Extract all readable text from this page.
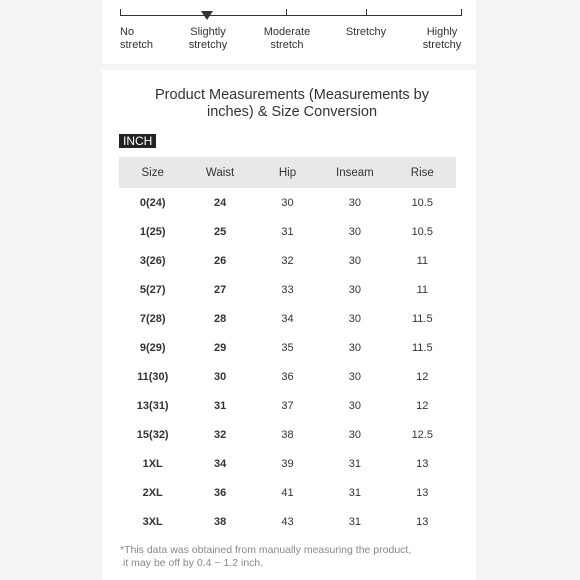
No
stretch
Slightly
stretchy
Moderate
stretch
Stretchy	Highly
stretchy
Product Measurements (Measurements by inches) & Size Conversion
INCH
Size	Waist	Hip	Inseam	Rise
0(24)	24	30	30	10.5
1(25)	25	31	30	10.5
3(26)	26	32	30	11
5(27)	27	33	30	11
7(28)	28	34	30	11.5
9(29)	29	35	30	11.5
11(30)	30	36	30	12
13(31)	31	37	30	12
15(32)	32	38	30	12.5
1XL	34	39	31	13
2XL	36	41	31	13
3XL	38	43	31	13
*This data was obtained from manually measuring the product,
it may be off by 0.4 ~ 1.2 inch.
